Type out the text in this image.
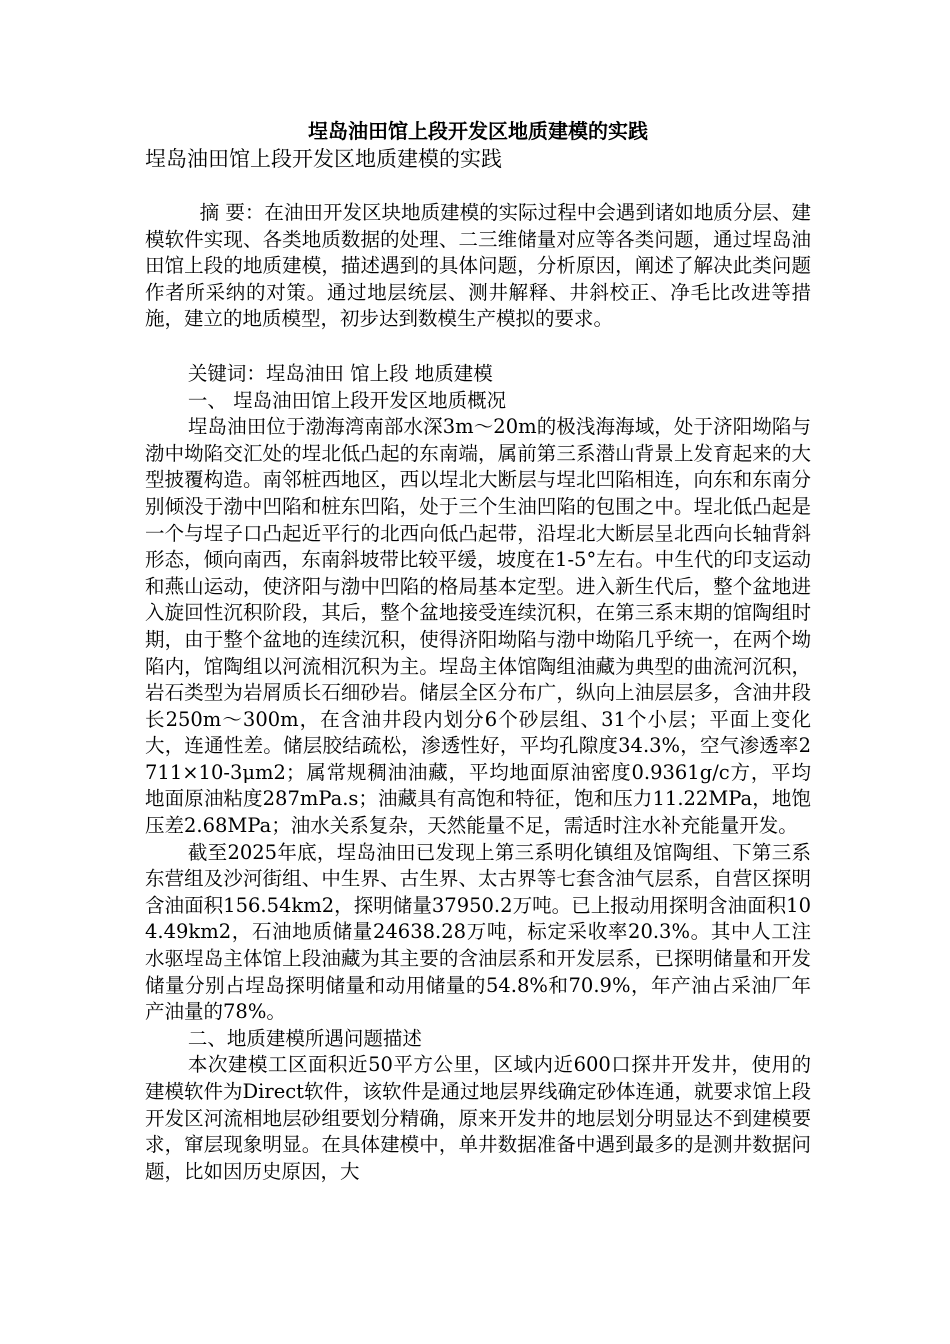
埕岛油田馆上段开发区地质建模的实践

埕岛油田馆上段开发区地质建模的实践

摘 要：在油田开发区块地质建模的实际过程中会遇到诸如地质分层、建模软件实现、各类地质数据的处理、二三维储量对应等各类问题，通过埕岛油田馆上段的地质建模，描述遇到的具体问题，分析原因，阐述了解决此类问题作者所采纳的对策。通过地层统层、测井解释、井斜校正、净毛比改进等措施，建立的地质模型，初步达到数模生产模拟的要求。

关键词：埕岛油田 馆上段 地质建模

一、 埕岛油田馆上段开发区地质概况

埕岛油田位于渤海湾南部水深3m～20m的极浅海海域，处于济阳坳陷与渤中坳陷交汇处的埕北低凸起的东南端，属前第三系潜山背景上发育起来的大型披覆构造。南邻桩西地区，西以埕北大断层与埕北凹陷相连，向东和东南分别倾没于渤中凹陷和桩东凹陷，处于三个生油凹陷的包围之中。埕北低凸起是一个与埕子口凸起近平行的北西向低凸起带，沿埕北大断层呈北西向长轴背斜形态，倾向南西，东南斜坡带比较平缓，坡度在1-5°左右。中生代的印支运动和燕山运动，使济阳与渤中凹陷的格局基本定型。进入新生代后，整个盆地进入旋回性沉积阶段，其后，整个盆地接受连续沉积，在第三系末期的馆陶组时期，由于整个盆地的连续沉积，使得济阳坳陷与渤中坳陷几乎统一，在两个坳陷内，馆陶组以河流相沉积为主。埕岛主体馆陶组油藏为典型的曲流河沉积，岩石类型为岩屑质长石细砂岩。储层全区分布广，纵向上油层层多，含油井段长250m～300m，在含油井段内划分6个砂层组、31个小层；平面上变化大，连通性差。储层胶结疏松，渗透性好，平均孔隙度34.3%，空气渗透率2711×10-3μm2；属常规稠油油藏，平均地面原油密度0.9361g/c方，平均地面原油粘度287mPa.s；油藏具有高饱和特征，饱和压力11.22MPa，地饱压差2.68MPa；油水关系复杂，天然能量不足，需适时注水补充能量开发。

截至2025年底，埕岛油田已发现上第三系明化镇组及馆陶组、下第三系东营组及沙河街组、中生界、古生界、太古界等七套含油气层系，自营区探明含油面积156.54km2，探明储量37950.2万吨。已上报动用探明含油面积104.49km2，石油地质储量24638.28万吨，标定采收率20.3%。其中人工注水驱埕岛主体馆上段油藏为其主要的含油层系和开发层系，已探明储量和开发储量分别占埕岛探明储量和动用储量的54.8%和70.9%，年产油占采油厂年产油量的78%。

二、地质建模所遇问题描述

本次建模工区面积近50平方公里，区域内近600口探井开发井，使用的建模软件为Direct软件，该软件是通过地层界线确定砂体连通，就要求馆上段开发区河流相地层砂组要划分精确，原来开发井的地层划分明显达不到建模要求，窜层现象明显。在具体建模中，单井数据准备中遇到最多的是测井数据问题，比如因历史原因，大
